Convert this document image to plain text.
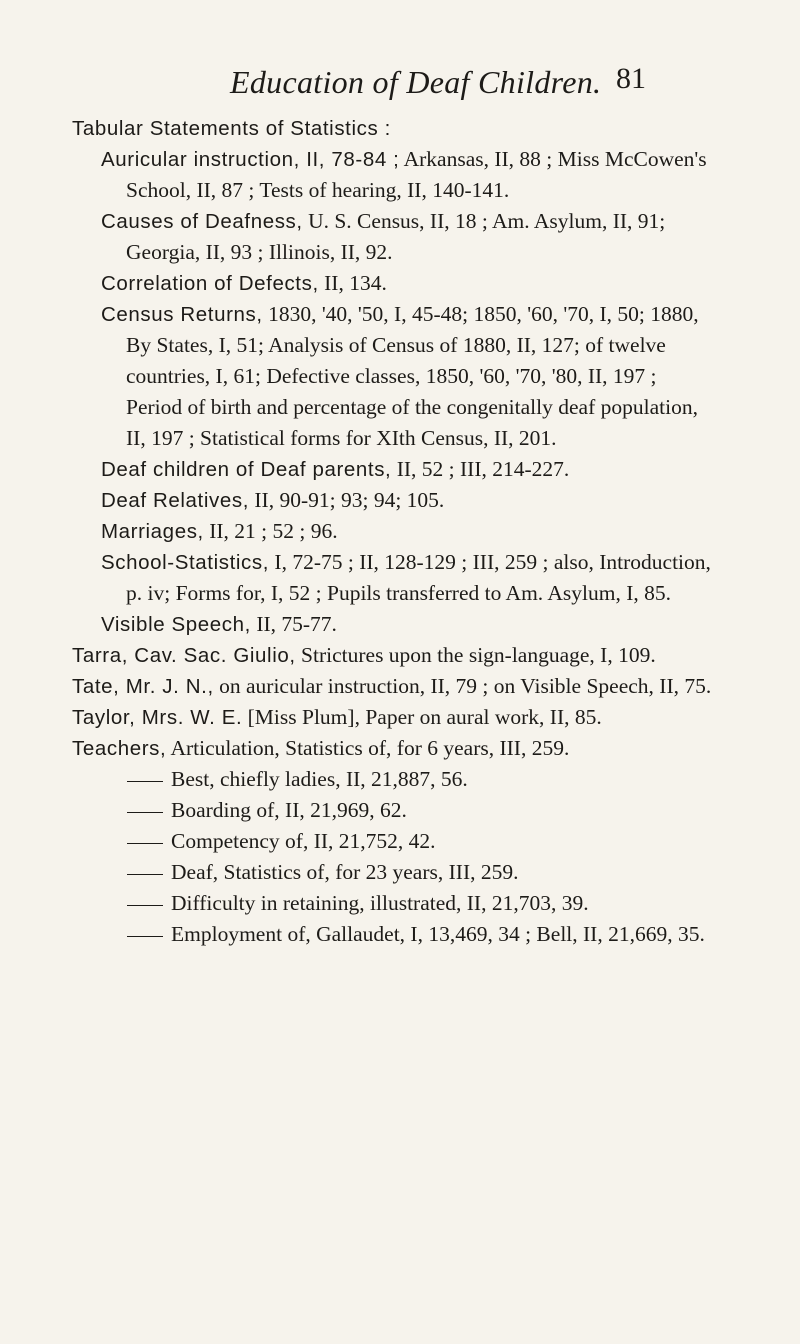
Education of Deaf Children. 81

Tabular Statements of Statistics :

Auricular instruction, II, 78-84 ; Arkansas, II, 88 ; Miss McCowen's School, II, 87 ; Tests of hearing, II, 140-141.

Causes of Deafness, U. S. Census, II, 18 ; Am. Asylum, II, 91; Georgia, II, 93 ; Illinois, II, 92.

Correlation of Defects, II, 134.

Census Returns, 1830, '40, '50, I, 45-48; 1850, '60, '70, I, 50; 1880, By States, I, 51; Analysis of Census of 1880, II, 127; of twelve countries, I, 61; Defective classes, 1850, '60, '70, '80, II, 197 ; Period of birth and percentage of the congenitally deaf population, II, 197 ; Statistical forms for XIth Census, II, 201.

Deaf children of Deaf parents, II, 52 ; III, 214-227.

Deaf Relatives, II, 90-91; 93; 94; 105.

Marriages, II, 21 ; 52 ; 96.

School-Statistics, I, 72-75 ; II, 128-129 ; III, 259 ; also, Introduction, p. iv; Forms for, I, 52 ; Pupils transferred to Am. Asylum, I, 85.

Visible Speech, II, 75-77.

Tarra, Cav. Sac. Giulio, Strictures upon the sign-language, I, 109.

Tate, Mr. J. N., on auricular instruction, II, 79 ; on Visible Speech, II, 75.

Taylor, Mrs. W. E. [Miss Plum], Paper on aural work, II, 85.

Teachers, Articulation, Statistics of, for 6 years, III, 259.

Best, chiefly ladies, II, 21,887, 56.

Boarding of, II, 21,969, 62.

Competency of, II, 21,752, 42.

Deaf, Statistics of, for 23 years, III, 259.

Difficulty in retaining, illustrated, II, 21,703, 39.

Employment of, Gallaudet, I, 13,469, 34 ; Bell, II, 21,669, 35.
